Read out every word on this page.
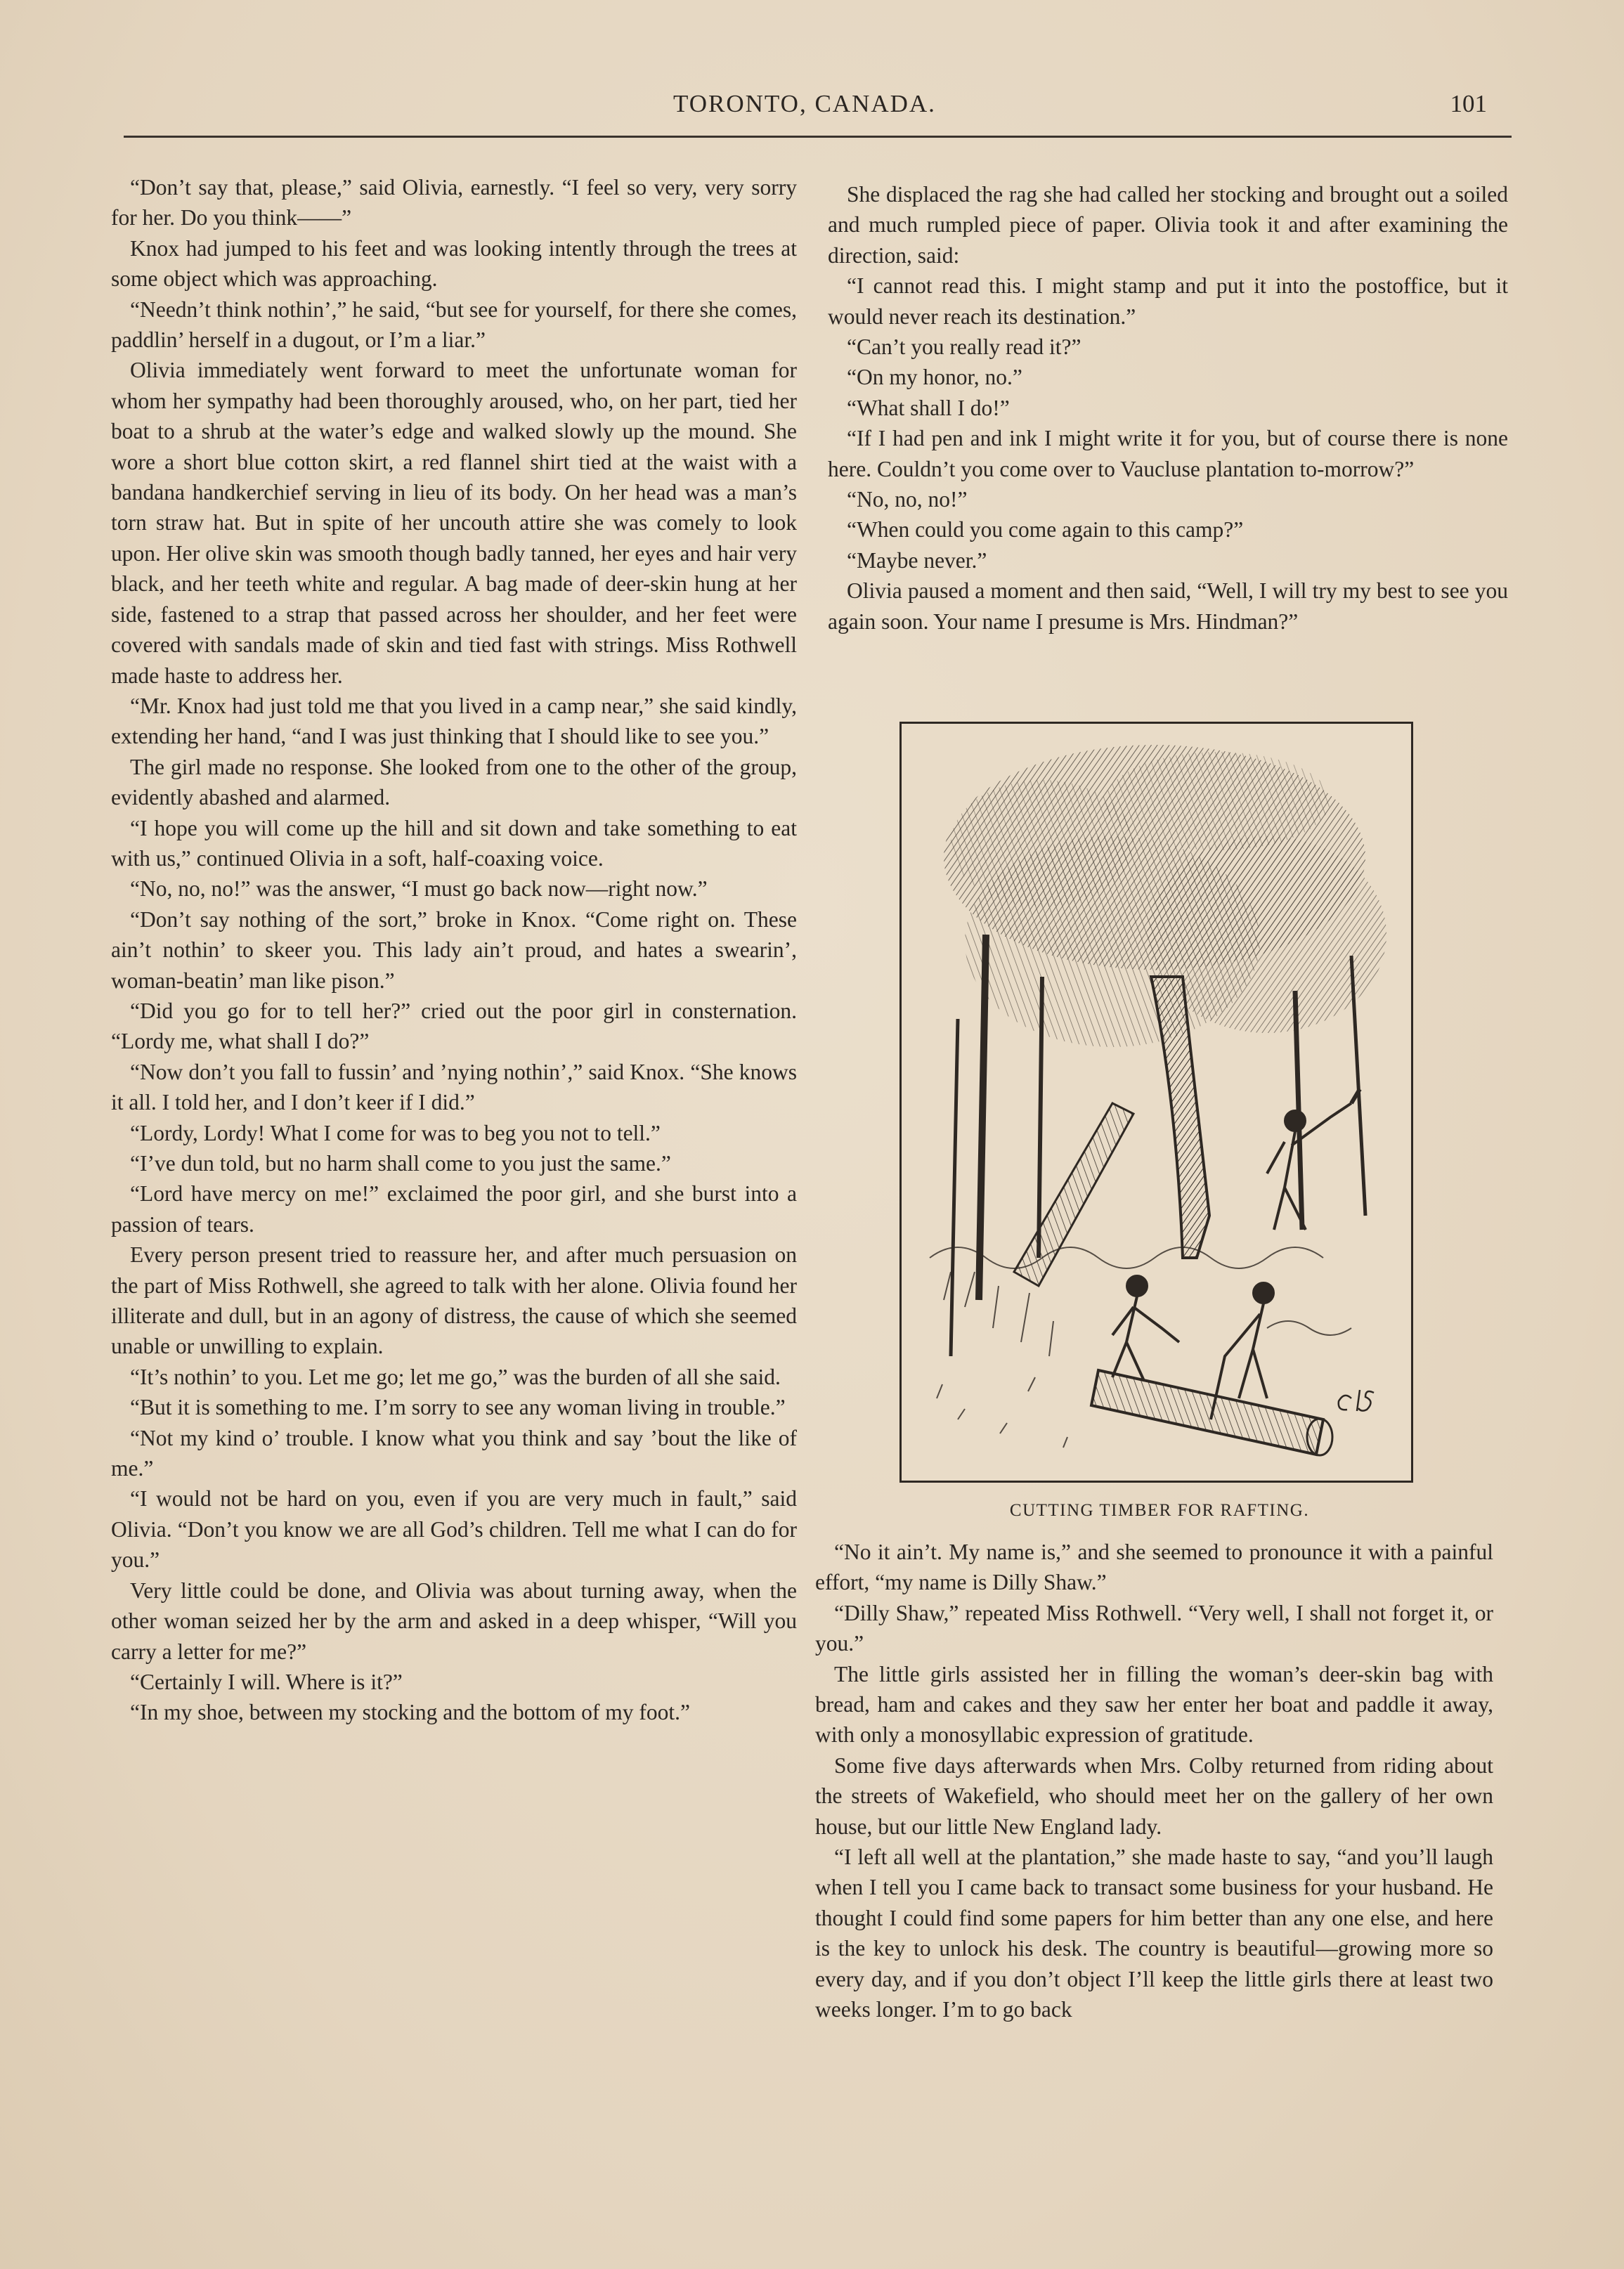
TORONTO, CANADA.	101

“Don’t say that, please,” said Olivia, earnestly. “I feel so very, very sorry for her. Do you think——”

Knox had jumped to his feet and was looking intently through the trees at some object which was approaching.

“Needn’t think nothin’,” he said, “but see for yourself, for there she comes, paddlin’ herself in a dugout, or I’m a liar.”

Olivia immediately went forward to meet the unfortunate woman for whom her sympathy had been thoroughly aroused, who, on her part, tied her boat to a shrub at the water’s edge and walked slowly up the mound. She wore a short blue cotton skirt, a red flannel shirt tied at the waist with a bandana handkerchief serving in lieu of its body. On her head was a man’s torn straw hat. But in spite of her uncouth attire she was comely to look upon. Her olive skin was smooth though badly tanned, her eyes and hair very black, and her teeth white and regular. A bag made of deer-skin hung at her side, fastened to a strap that passed across her shoulder, and her feet were covered with sandals made of skin and tied fast with strings. Miss Rothwell made haste to address her.

“Mr. Knox had just told me that you lived in a camp near,” she said kindly, extending her hand, “and I was just thinking that I should like to see you.”

The girl made no response. She looked from one to the other of the group, evidently abashed and alarmed.

“I hope you will come up the hill and sit down and take something to eat with us,” continued Olivia in a soft, half-coaxing voice.

“No, no, no!” was the answer, “I must go back now—right now.”

“Don’t say nothing of the sort,” broke in Knox. “Come right on. These ain’t nothin’ to skeer you. This lady ain’t proud, and hates a swearin’, woman-beatin’ man like pison.”

“Did you go for to tell her?” cried out the poor girl in consternation. “Lordy me, what shall I do?”

“Now don’t you fall to fussin’ and ’nying nothin’,” said Knox. “She knows it all. I told her, and I don’t keer if I did.”

“Lordy, Lordy! What I come for was to beg you not to tell.”

“I’ve dun told, but no harm shall come to you just the same.”

“Lord have mercy on me!” exclaimed the poor girl, and she burst into a passion of tears.

Every person present tried to reassure her, and after much persuasion on the part of Miss Rothwell, she agreed to talk with her alone. Olivia found her illiterate and dull, but in an agony of distress, the cause of which she seemed unable or unwilling to explain.

“It’s nothin’ to you. Let me go; let me go,” was the burden of all she said.

“But it is something to me. I’m sorry to see any woman living in trouble.”

“Not my kind o’ trouble. I know what you think and say ’bout the like of me.”

“I would not be hard on you, even if you are very much in fault,” said Olivia. “Don’t you know we are all God’s children. Tell me what I can do for you.”

Very little could be done, and Olivia was about turning away, when the other woman seized her by the arm and asked in a deep whisper, “Will you carry a letter for me?”

“Certainly I will. Where is it?”

“In my shoe, between my stocking and the bottom of my foot.”

She displaced the rag she had called her stocking and brought out a soiled and much rumpled piece of paper. Olivia took it and after examining the direction, said:

“I cannot read this. I might stamp and put it into the postoffice, but it would never reach its destination.”

“Can’t you really read it?”

“On my honor, no.”

“What shall I do!”

“If I had pen and ink I might write it for you, but of course there is none here. Couldn’t you come over to Vaucluse plantation to-morrow?”

“No, no, no!”

“When could you come again to this camp?”

“Maybe never.”

Olivia paused a moment and then said, “Well, I will try my best to see you again soon. Your name I presume is Mrs. Hindman?”

CUTTING TIMBER FOR RAFTING.

“No it ain’t. My name is,” and she seemed to pronounce it with a painful effort, “my name is Dilly Shaw.”

“Dilly Shaw,” repeated Miss Rothwell. “Very well, I shall not forget it, or you.”

The little girls assisted her in filling the woman’s deer-skin bag with bread, ham and cakes and they saw her enter her boat and paddle it away, with only a monosyllabic expression of gratitude.

Some five days afterwards when Mrs. Colby returned from riding about the streets of Wakefield, who should meet her on the gallery of her own house, but our little New England lady.

“I left all well at the plantation,” she made haste to say, “and you’ll laugh when I tell you I came back to transact some business for your husband. He thought I could find some papers for him better than any one else, and here is the key to unlock his desk. The country is beautiful—growing more so every day, and if you don’t object I’ll keep the little girls there at least two weeks longer. I’m to go back
